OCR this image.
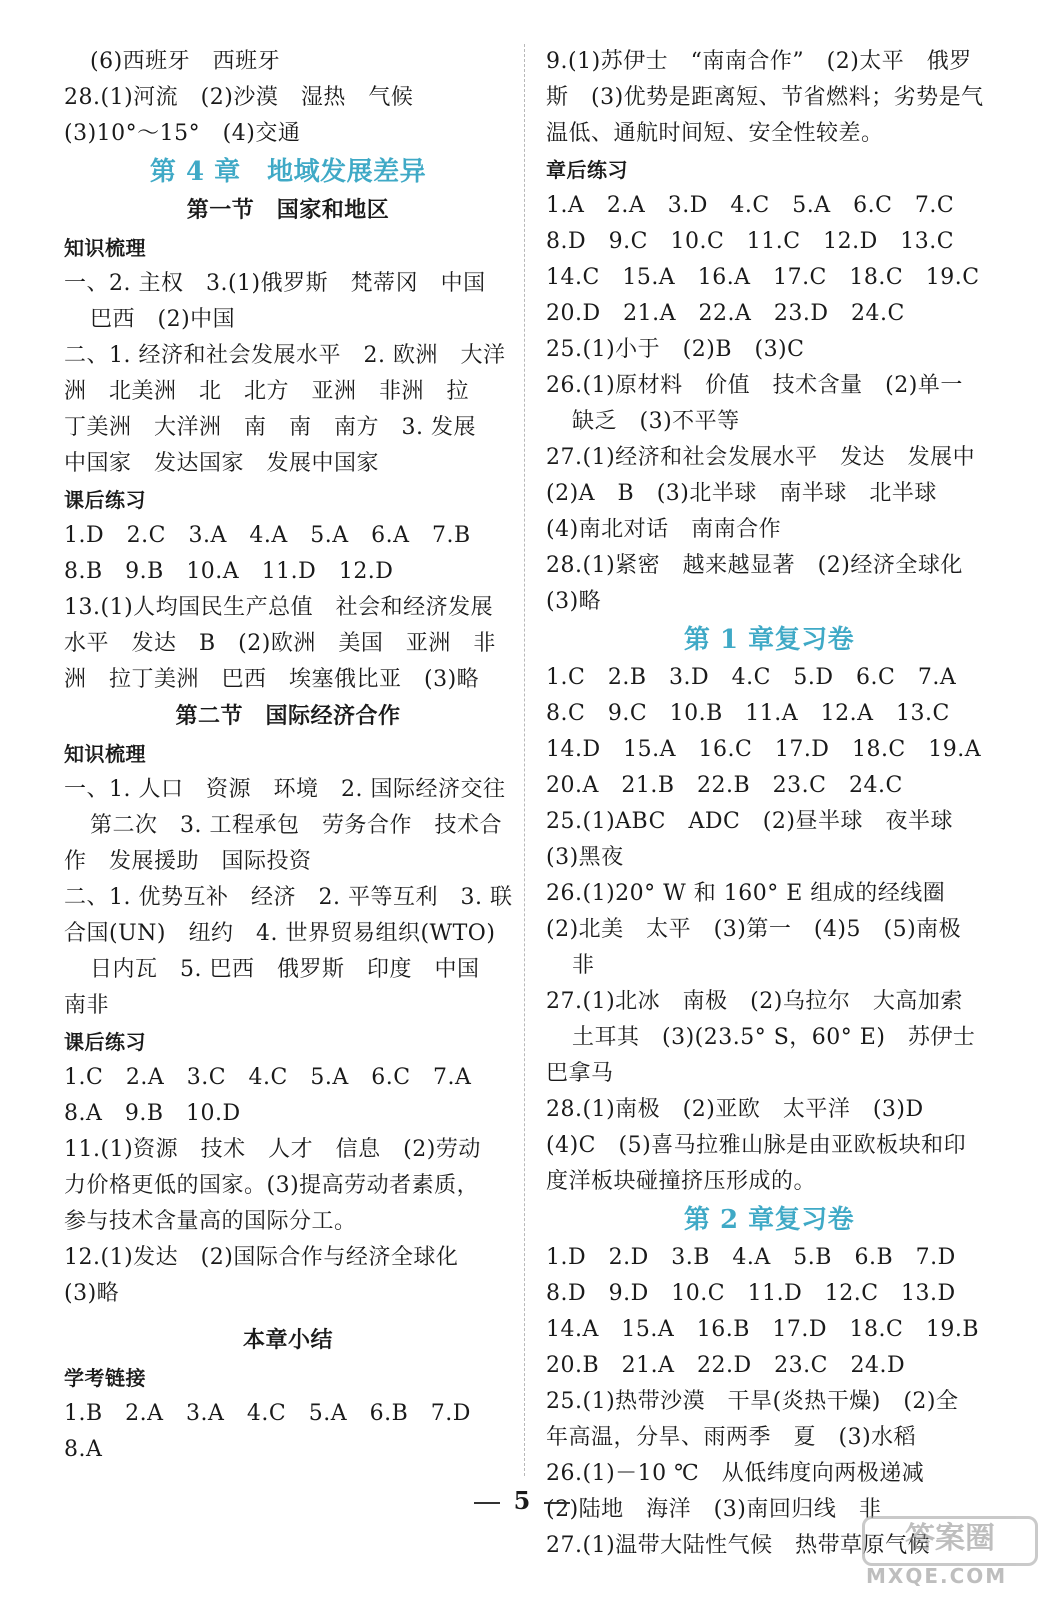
(6)西班牙　西班牙
28.(1)河流　(2)沙漠　湿热　气候
(3)10°～15°　(4)交通
第 4 章　地域发展差异
第一节　国家和地区
知识梳理
一、2. 主权　3.(1)俄罗斯　梵蒂冈　中国
巴西　(2)中国
二、1. 经济和社会发展水平　2. 欧洲　大洋
洲　北美洲　北　北方　亚洲　非洲　拉
丁美洲　大洋洲　南　南　南方　3. 发展
中国家　发达国家　发展中国家
课后练习
1.D　2.C　3.A　4.A　5.A　6.A　7.B
8.B　9.B　10.A　11.D　12.D
13.(1)人均国民生产总值　社会和经济发展
水平　发达　B　(2)欧洲　美国　亚洲　非
洲　拉丁美洲　巴西　埃塞俄比亚　(3)略
第二节　国际经济合作
知识梳理
一、1. 人口　资源　环境　2. 国际经济交往
第二次　3. 工程承包　劳务合作　技术合
作　发展援助　国际投资
二、1. 优势互补　经济　2. 平等互利　3. 联
合国(UN)　纽约　4. 世界贸易组织(WTO)
日内瓦　5. 巴西　俄罗斯　印度　中国
南非
课后练习
1.C　2.A　3.C　4.C　5.A　6.C　7.A
8.A　9.B　10.D
11.(1)资源　技术　人才　信息　(2)劳动
力价格更低的国家。(3)提高劳动者素质，
参与技术含量高的国际分工。
12.(1)发达　(2)国际合作与经济全球化
(3)略
本章小结
学考链接
1.B　2.A　3.A　4.C　5.A　6.B　7.D
8.A
9.(1)苏伊士　“南南合作”　(2)太平　俄罗
斯　(3)优势是距离短、节省燃料；劣势是气
温低、通航时间短、安全性较差。
章后练习
1.A　2.A　3.D　4.C　5.A　6.C　7.C
8.D　9.C　10.C　11.C　12.D　13.C
14.C　15.A　16.A　17.C　18.C　19.C
20.D　21.A　22.A　23.D　24.C
25.(1)小于　(2)B　(3)C
26.(1)原材料　价值　技术含量　(2)单一
缺乏　(3)不平等
27.(1)经济和社会发展水平　发达　发展中
(2)A　B　(3)北半球　南半球　北半球
(4)南北对话　南南合作
28.(1)紧密　越来越显著　(2)经济全球化
(3)略
第 1 章复习卷
1.C　2.B　3.D　4.C　5.D　6.C　7.A
8.C　9.C　10.B　11.A　12.A　13.C
14.D　15.A　16.C　17.D　18.C　19.A
20.A　21.B　22.B　23.C　24.C
25.(1)ABC　ADC　(2)昼半球　夜半球
(3)黑夜
26.(1)20° W 和 160° E 组成的经线圈
(2)北美　太平　(3)第一　(4)5　(5)南极
非
27.(1)北冰　南极　(2)乌拉尔　大高加索
土耳其　(3)(23.5° S，60° E)　苏伊士
巴拿马
28.(1)南极　(2)亚欧　太平洋　(3)D
(4)C　(5)喜马拉雅山脉是由亚欧板块和印
度洋板块碰撞挤压形成的。
第 2 章复习卷
1.D　2.D　3.B　4.A　5.B　6.B　7.D
8.D　9.D　10.C　11.D　12.C　13.D
14.A　15.A　16.B　17.D　18.C　19.B
20.B　21.A　22.D　23.C　24.D
25.(1)热带沙漠　干旱(炎热干燥)　(2)全
年高温，分旱、雨两季　夏　(3)水稻
26.(1)－10 ℃　从低纬度向两极递减
(2)陆地　海洋　(3)南回归线　非
27.(1)温带大陆性气候　热带草原气候
5
答案圈
MXQE.COM
